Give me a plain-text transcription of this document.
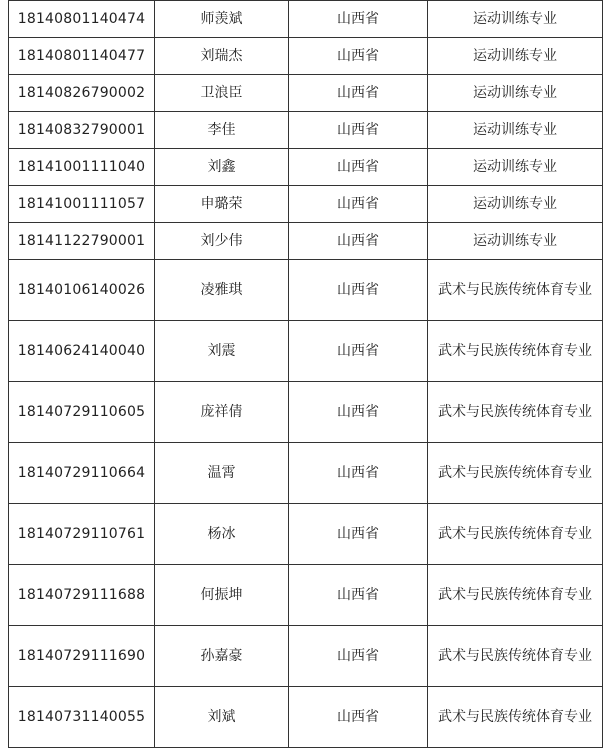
18140801140474	师羡斌	山西省	运动训练专业
18140801140477	刘瑞杰	山西省	运动训练专业
18140826790002	卫浪臣	山西省	运动训练专业
18140832790001	李佳	山西省	运动训练专业
18141001111040	刘鑫	山西省	运动训练专业
18141001111057	申璐荣	山西省	运动训练专业
18141122790001	刘少伟	山西省	运动训练专业
18140106140026	凌雅琪	山西省	武术与民族传统体育专业
18140624140040	刘震	山西省	武术与民族传统体育专业
18140729110605	庞祥倩	山西省	武术与民族传统体育专业
18140729110664	温霄	山西省	武术与民族传统体育专业
18140729110761	杨冰	山西省	武术与民族传统体育专业
18140729111688	何振坤	山西省	武术与民族传统体育专业
18140729111690	孙嘉豪	山西省	武术与民族传统体育专业
18140731140055	刘斌	山西省	武术与民族传统体育专业
